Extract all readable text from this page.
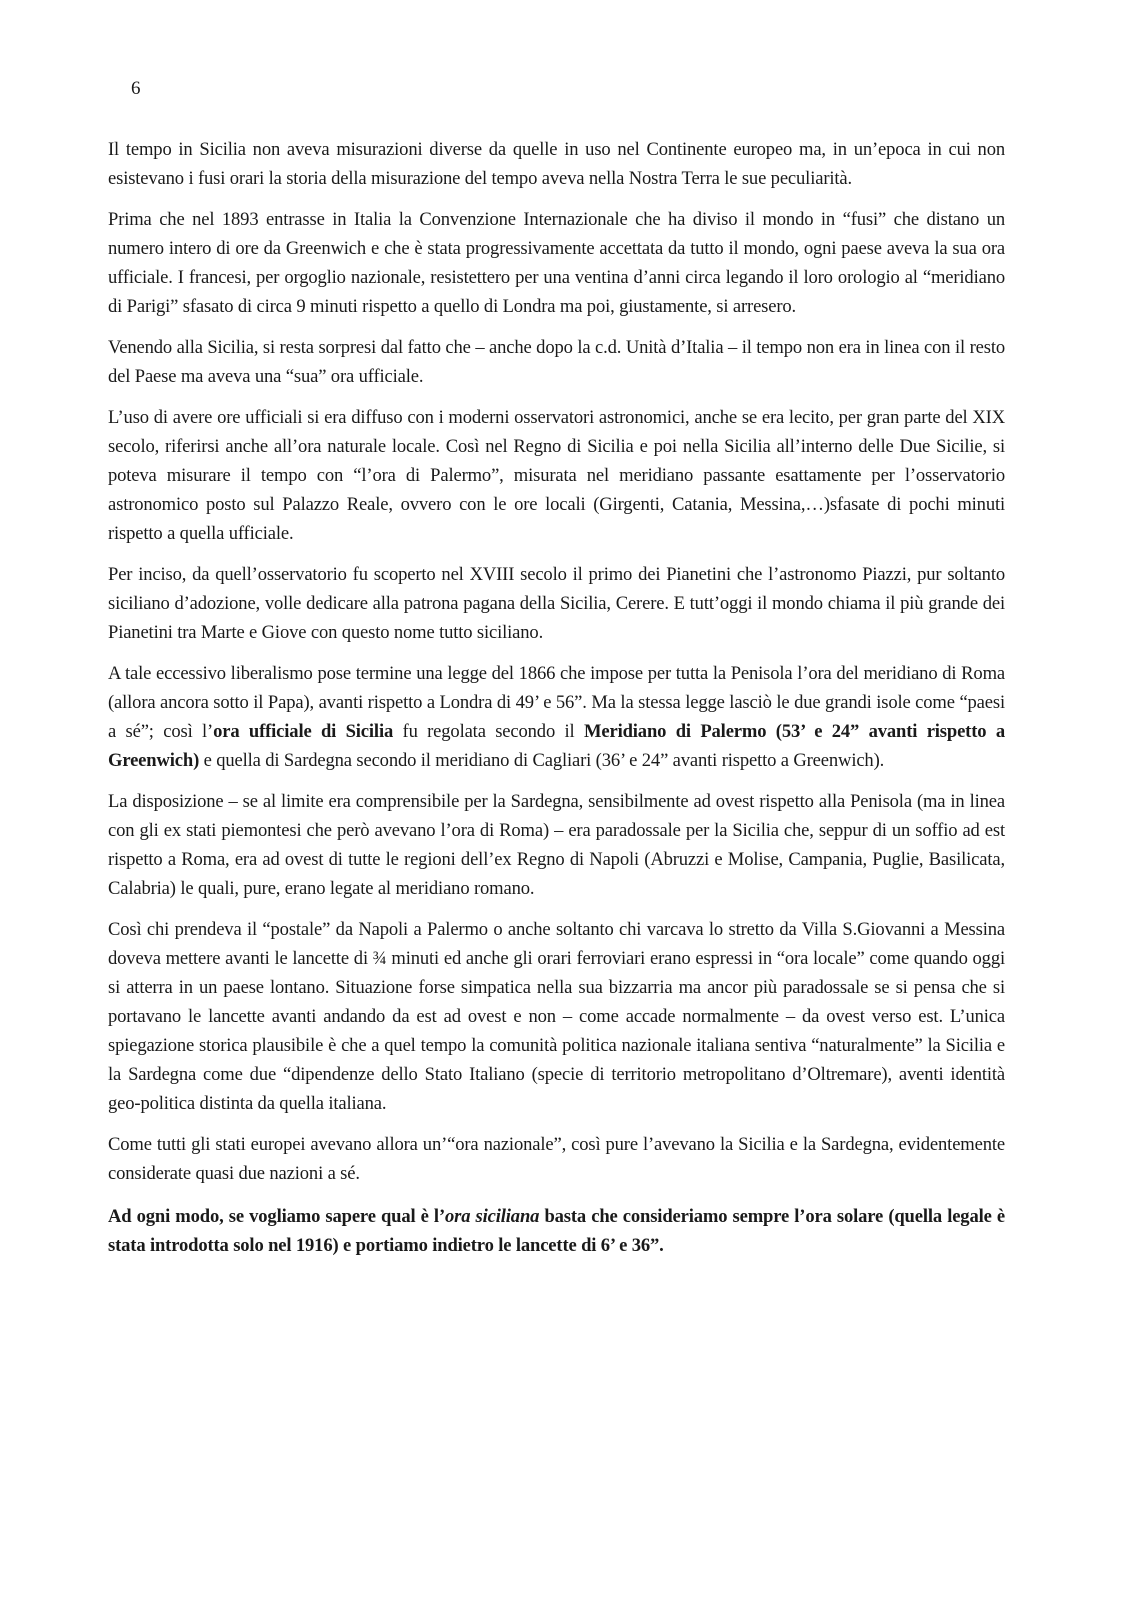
6

Il tempo in Sicilia non aveva misurazioni diverse da quelle in uso nel Continente europeo ma, in un’epoca in cui non esistevano i fusi orari la storia della misurazione del tempo aveva nella Nostra Terra le sue peculiarità.

Prima che nel 1893 entrasse in Italia la Convenzione Internazionale che ha diviso il mondo in “fusi” che distano un numero intero di ore da Greenwich e che è stata progressivamente accettata da tutto il mondo, ogni paese aveva la sua ora ufficiale. I francesi, per orgoglio nazionale, resistettero per una ventina d’anni circa legando il loro orologio al “meridiano di Parigi” sfasato di circa 9 minuti rispetto a quello di Londra ma poi, giustamente, si arresero.

Venendo alla Sicilia, si resta sorpresi dal fatto che – anche dopo la c.d. Unità d’Italia – il tempo non era in linea con il resto del Paese ma aveva una “sua” ora ufficiale.

L’uso di avere ore ufficiali si era diffuso con i moderni osservatori astronomici, anche se era lecito, per gran parte del XIX secolo, riferirsi anche all’ora naturale locale. Così nel Regno di Sicilia e poi nella Sicilia all’interno delle Due Sicilie, si poteva misurare il tempo con “l’ora di Palermo”, misurata nel meridiano passante esattamente per l’osservatorio astronomico posto sul Palazzo Reale, ovvero con le ore locali (Girgenti, Catania, Messina,…)sfasate di pochi minuti rispetto a quella ufficiale.

Per inciso, da quell’osservatorio fu scoperto nel XVIII secolo il primo dei Pianetini che l’astronomo Piazzi, pur soltanto siciliano d’adozione, volle dedicare alla patrona pagana della Sicilia, Cerere. E tutt’oggi il mondo chiama il più grande dei Pianetini tra Marte e Giove con questo nome tutto siciliano.

A tale eccessivo liberalismo pose termine una legge del 1866 che impose per tutta la Penisola l’ora del meridiano di Roma (allora ancora sotto il Papa), avanti rispetto a Londra di 49’ e 56”. Ma la stessa legge lasciò le due grandi isole come “paesi a sé”; così l’ora ufficiale di Sicilia fu regolata secondo il Meridiano di Palermo (53’ e 24” avanti rispetto a Greenwich) e quella di Sardegna secondo il meridiano di Cagliari (36’ e 24” avanti rispetto a Greenwich).

La disposizione – se al limite era comprensibile per la Sardegna, sensibilmente ad ovest rispetto alla Penisola (ma in linea con gli ex stati piemontesi che però avevano l’ora di Roma) – era paradossale per la Sicilia che, seppur di un soffio ad est rispetto a Roma, era ad ovest di tutte le regioni dell’ex Regno di Napoli (Abruzzi e Molise, Campania, Puglie, Basilicata, Calabria) le quali, pure, erano legate al meridiano romano.

Così chi prendeva il “postale” da Napoli a Palermo o anche soltanto chi varcava lo stretto da Villa S.Giovanni a Messina doveva mettere avanti le lancette di ¾ minuti ed anche gli orari ferroviari erano espressi in “ora locale” come quando oggi si atterra in un paese lontano. Situazione forse simpatica nella sua bizzarria ma ancor più paradossale se si pensa che si portavano le lancette avanti andando da est ad ovest e non – come accade normalmente – da ovest verso est. L’unica spiegazione storica plausibile è che a quel tempo la comunità politica nazionale italiana sentiva “naturalmente” la Sicilia e la Sardegna come due “dipendenze dello Stato Italiano (specie di territorio metropolitano d’Oltremare), aventi identità geo-politica distinta da quella italiana.

Come tutti gli stati europei avevano allora un’“ora nazionale”, così pure l’avevano la Sicilia e la Sardegna, evidentemente considerate quasi due nazioni a sé.

Ad ogni modo, se vogliamo sapere qual è l’ora siciliana basta che consideriamo sempre l’ora solare (quella legale è stata introdotta solo nel 1916) e portiamo indietro le lancette di 6’ e 36”.
